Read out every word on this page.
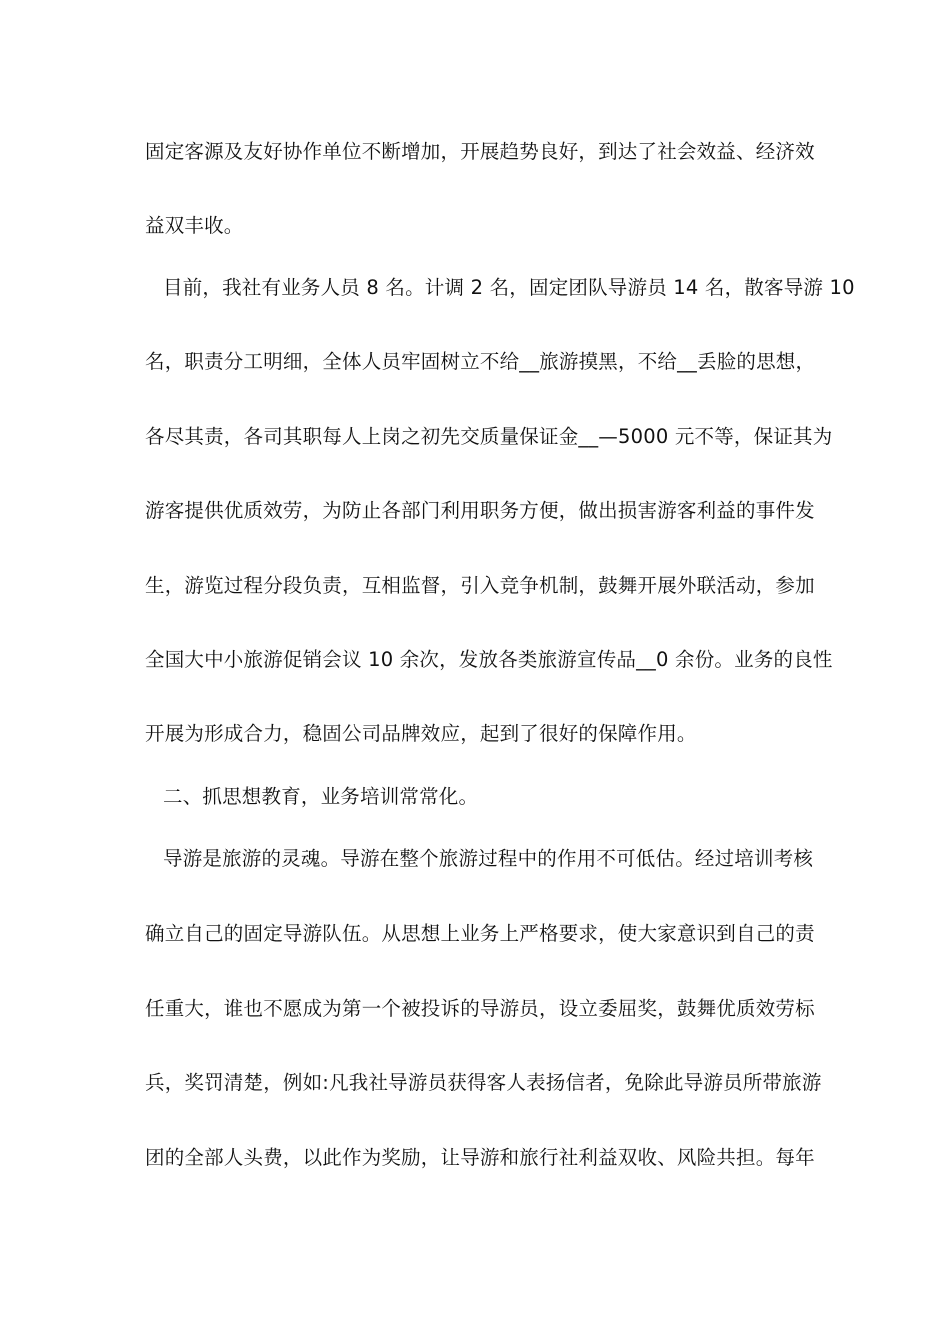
固定客源及友好协作单位不断增加，开展趋势良好，到达了社会效益、经济效
益双丰收。
目前，我社有业务人员 8 名。计调 2 名，固定团队导游员 14 名，散客导游 10
名，职责分工明细，全体人员牢固树立不给__旅游摸黑，不给__丢脸的思想，
各尽其责，各司其职每人上岗之初先交质量保证金__—5000 元不等，保证其为
游客提供优质效劳，为防止各部门利用职务方便，做出损害游客利益的事件发
生，游览过程分段负责，互相监督，引入竞争机制，鼓舞开展外联活动，参加
全国大中小旅游促销会议 10 余次，发放各类旅游宣传品__0 余份。业务的良性
开展为形成合力，稳固公司品牌效应，起到了很好的保障作用。
二、抓思想教育，业务培训常常化。
导游是旅游的灵魂。导游在整个旅游过程中的作用不可低估。经过培训考核
确立自己的固定导游队伍。从思想上业务上严格要求，使大家意识到自己的责
任重大，谁也不愿成为第一个被投诉的导游员，设立委屈奖，鼓舞优质效劳标
兵，奖罚清楚，例如:凡我社导游员获得客人表扬信者，免除此导游员所带旅游
团的全部人头费，以此作为奖励，让导游和旅行社利益双收、风险共担。每年
